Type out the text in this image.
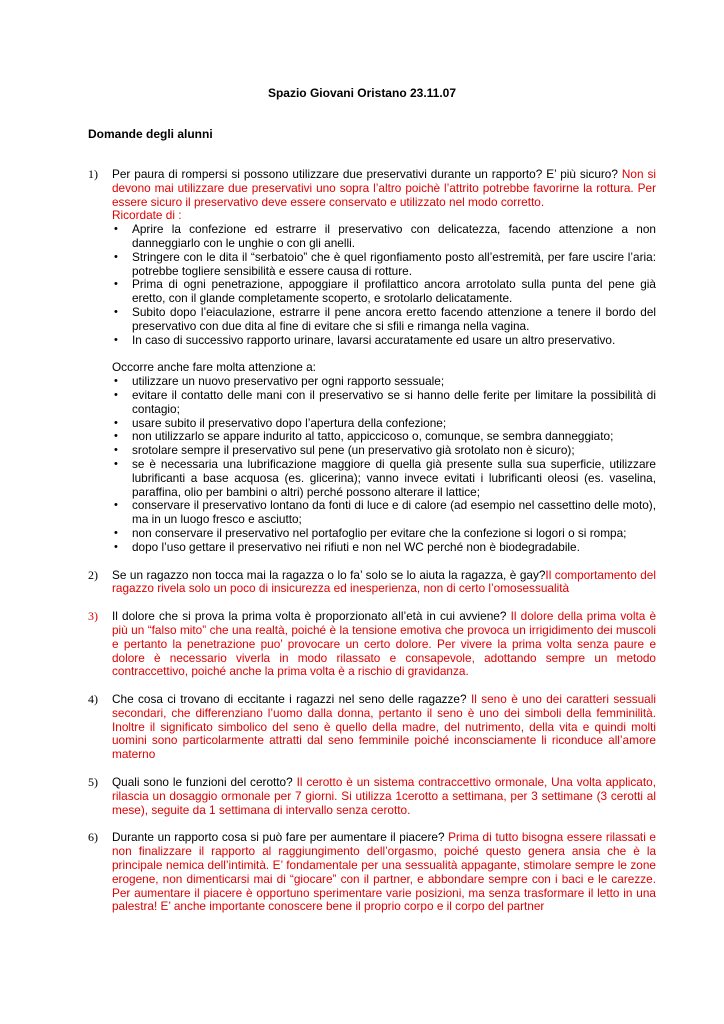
Spazio Giovani Oristano 23.11.07
Domande degli alunni
1) Per paura di rompersi si possono utilizzare due preservativi durante un rapporto? E’ più sicuro? Non si devono mai utilizzare due preservativi uno sopra l’altro poichè l’attrito potrebbe favorirne la rottura. Per essere sicuro il preservativo deve essere conservato e utilizzato nel modo corretto.
Ricordate di :

• Aprire la confezione ed estrarre il preservativo con delicatezza, facendo attenzione a non danneggiarlo con le unghie o con gli anelli.
• Stringere con le dita il “serbatoio” che è quel rigonfiamento posto all’estremità, per fare uscire l’aria: potrebbe togliere sensibilità e essere causa di rotture.
• Prima di ogni penetrazione, appoggiare il profilattico ancora arrotolato sulla punta del pene già eretto, con il glande completamente scoperto, e srotolarlo delicatamente.
• Subito dopo l’eiaculazione, estrarre il pene ancora eretto facendo attenzione a tenere il bordo del preservativo con due dita al fine di evitare che si sfili e rimanga nella vagina.
• In caso di successivo rapporto urinare, lavarsi accuratamente ed usare un altro preservativo.

Occorre anche fare molta attenzione a:

• utilizzare un nuovo preservativo per ogni rapporto sessuale;
• evitare il contatto delle mani con il preservativo se si hanno delle ferite per limitare la possibilità di contagio;
• usare subito il preservativo dopo l’apertura della confezione;
• non utilizzarlo se appare indurito al tatto, appiccicoso o, comunque, se sembra danneggiato;
• srotolare sempre il preservativo sul pene (un preservativo già srotolato non è sicuro);
• se è necessaria una lubrificazione maggiore di quella già presente sulla sua superficie, utilizzare lubrificanti a base acquosa (es. glicerina); vanno invece evitati i lubrificanti oleosi (es. vaselina, paraffina, olio per bambini o altri) perché possono alterare il lattice;
• conservare il preservativo lontano da fonti di luce e di calore (ad esempio nel cassettino delle moto), ma in un luogo fresco e asciutto;
• non conservare il preservativo nel portafoglio per evitare che la confezione si logori o si rompa;
• dopo l’uso gettare il preservativo nei rifiuti e non nel WC perché non è biodegradabile.
2) Se un ragazzo non tocca mai la ragazza o lo fa’ solo se lo aiuta la ragazza, è gay?Il comportamento del ragazzo rivela solo un poco di insicurezza ed inesperienza, non di certo l’omosessualità

3) Il dolore che si prova la prima volta è proporzionato all’età in cui avviene? Il dolore della prima volta è più un “falso mito” che una realtà, poiché è la tensione emotiva che provoca un irrigidimento dei muscoli e pertanto la penetrazione puo’ provocare un certo dolore. Per vivere la prima volta senza paure e dolore è necessario viverla in modo rilassato e consapevole, adottando sempre un metodo contraccettivo, poiché anche la prima volta è a rischio di gravidanza.

4) Che cosa ci trovano di eccitante i ragazzi nel seno delle ragazze? Il seno è uno dei caratteri sessuali secondari, che differenziano l’uomo dalla donna, pertanto il seno è uno dei simboli della femminilità. Inoltre il significato simbolico del seno è quello della madre, del nutrimento, della vita e quindi molti uomini sono particolarmente attratti dal seno femminile poiché inconsciamente li riconduce all’amore materno

5) Quali sono le funzioni del cerotto? Il cerotto è un sistema contraccettivo ormonale, Una volta applicato, rilascia un dosaggio ormonale per 7 giorni. Si utilizza 1cerotto a settimana, per 3 settimane (3 cerotti al mese), seguite da 1 settimana di intervallo senza cerotto.

6) Durante un rapporto cosa si può fare per aumentare il piacere? Prima di tutto bisogna essere rilassati e non finalizzare il rapporto al raggiungimento dell’orgasmo, poiché questo genera ansia che è la principale nemica dell’intimità. E’ fondamentale per una sessualità appagante, stimolare sempre le zone erogene, non dimenticarsi mai di “giocare” con il partner, e abbondare sempre con i baci e le carezze. Per aumentare il piacere è opportuno sperimentare varie posizioni, ma senza trasformare il letto in una palestra! E’ anche importante conoscere bene il proprio corpo e il corpo del partner
